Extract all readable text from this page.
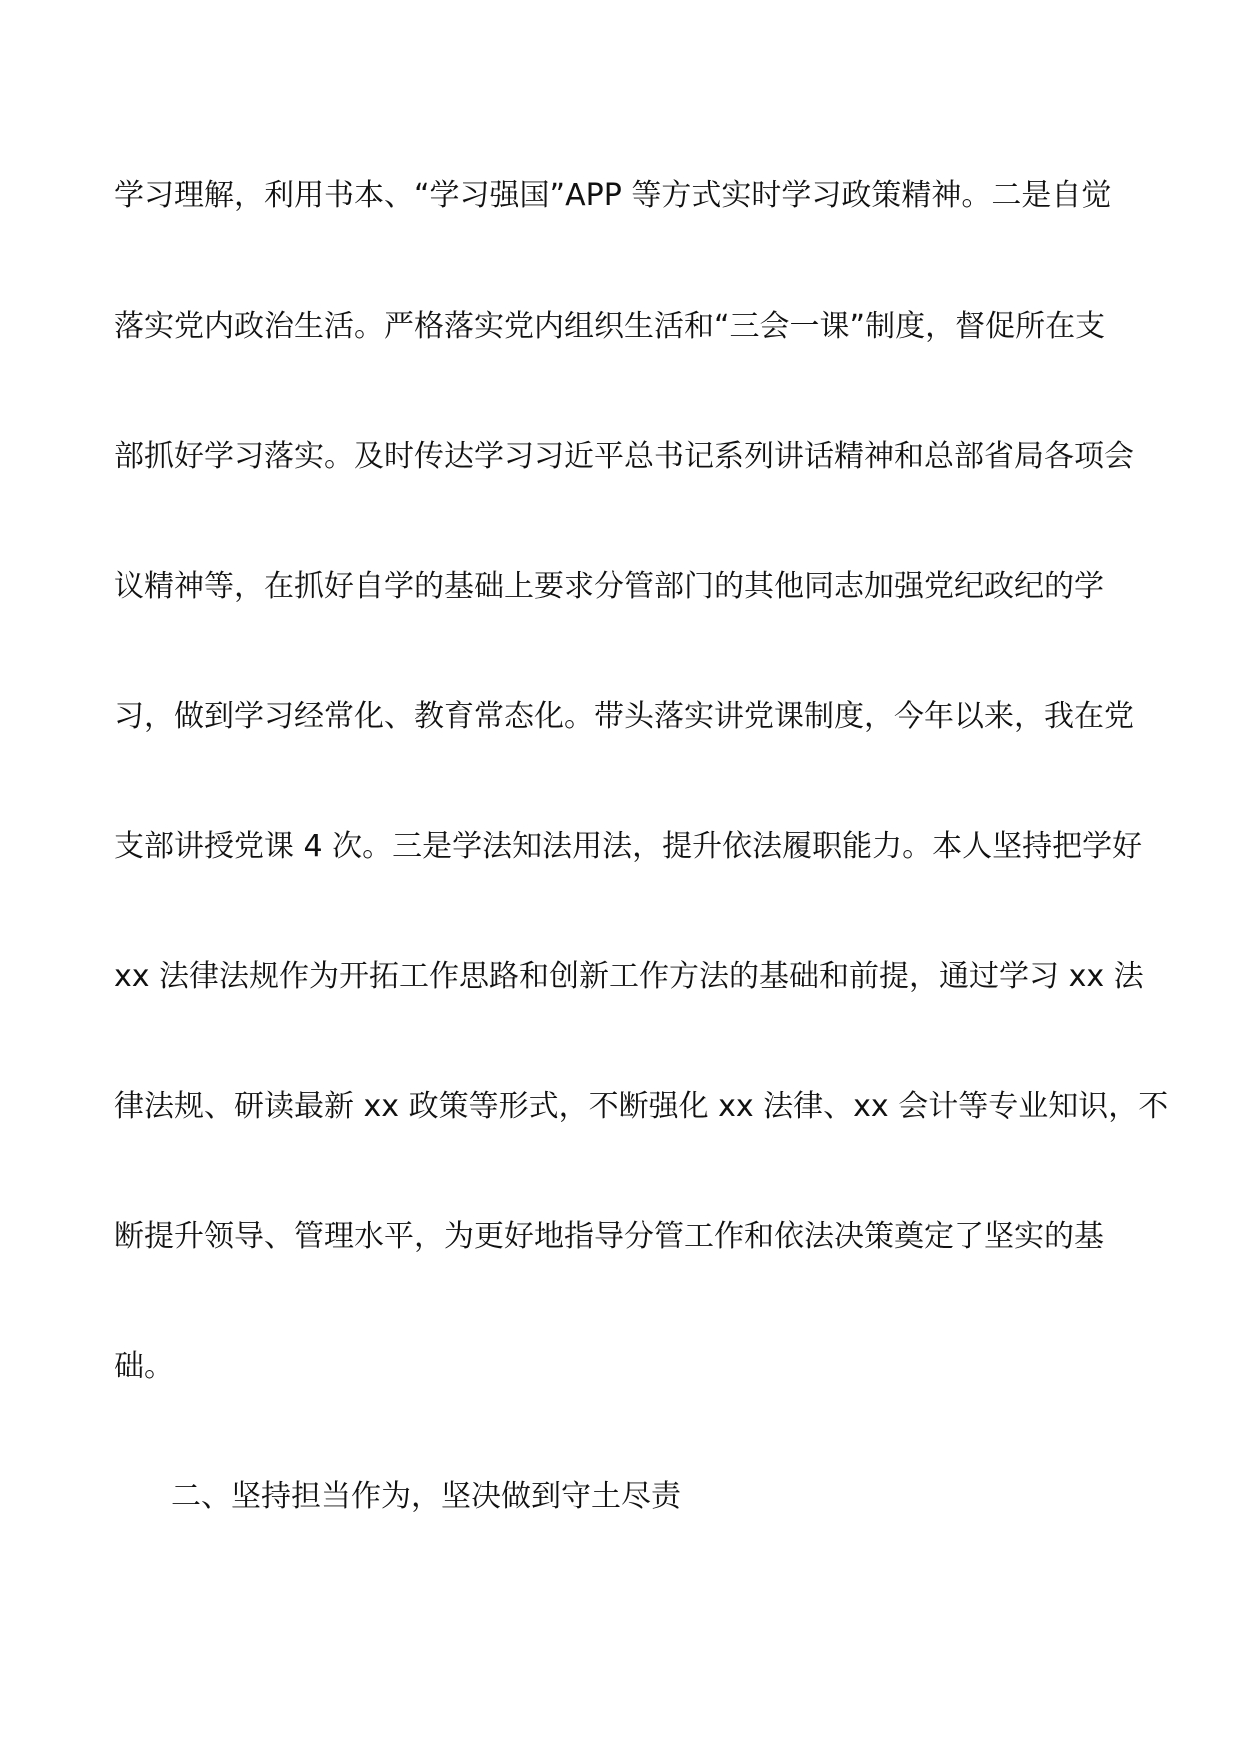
学习理解，利用书本、“学习强国”APP 等方式实时学习政策精神。二是自觉
落实党内政治生活。严格落实党内组织生活和“三会一课”制度，督促所在支
部抓好学习落实。及时传达学习习近平总书记系列讲话精神和总部省局各项会
议精神等，在抓好自学的基础上要求分管部门的其他同志加强党纪政纪的学
习，做到学习经常化、教育常态化。带头落实讲党课制度，今年以来，我在党
支部讲授党课 4 次。三是学法知法用法，提升依法履职能力。本人坚持把学好
xx 法律法规作为开拓工作思路和创新工作方法的基础和前提，通过学习 xx 法
律法规、研读最新 xx 政策等形式，不断强化 xx 法律、xx 会计等专业知识，不
断提升领导、管理水平，为更好地指导分管工作和依法决策奠定了坚实的基
础。
二、坚持担当作为，坚决做到守土尽责
